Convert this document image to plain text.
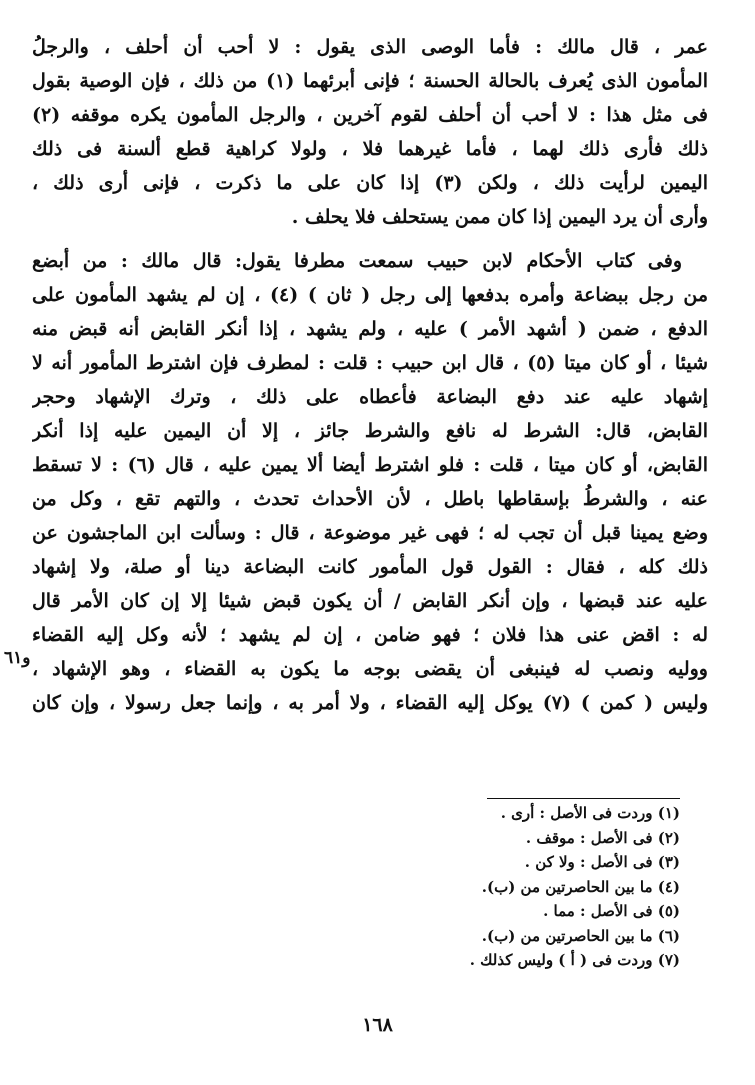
عمر ، قال مالك : فأما الوصى الذى يقول : لا أحب أن أحلف ، والرجلُ
المأمون الذى يُعرف بالحالة الحسنة ؛ فإنى أبرئهما (١) من ذلك ، فإن الوصية بقول
فى مثل هذا : لا أحب أن أحلف لقوم آخرين ، والرجل المأمون يكره موقفه (٢)
ذلك فأرى ذلك لهما ، فأما غيرهما فلا ، ولولا كراهية قطع ألسنة فى ذلك
اليمين لرأيت ذلك ، ولكن (٣) إذا كان على ما ذكرت ، فإنى أرى ذلك ،
وأرى أن يرد اليمين إذا كان ممن يستحلف فلا يحلف .
وفى كتاب الأحكام لابن حبيب سمعت مطرفا يقول: قال مالك : من أبضع
من رجل ببضاعة وأمره بدفعها إلى رجل ( ثان ) (٤) ، إن لم يشهد المأمون على
الدفع ، ضمن ( أشهد الأمر ) عليه ، ولم يشهد ، إذا أنكر القابض أنه قبض منه
شيئا ، أو كان ميتا (٥) ، قال ابن حبيب : قلت : لمطرف فإن اشترط المأمور أنه لا
إشهاد عليه عند دفع البضاعة فأعطاه على ذلك ، وترك الإشهاد وحجر
القابض، قال: الشرط له نافع والشرط جائز ، إلا أن اليمين عليه إذا أنكر
القابض، أو كان ميتا ، قلت : فلو اشترط أيضا ألا يمين عليه ، قال (٦) : لا تسقط
عنه ، والشرطُ بإسقاطها باطل ، لأن الأحداث تحدث ، والتهم تقع ، وكل من
وضع يمينا قبل أن تجب له ؛ فهى غير موضوعة ، قال : وسألت ابن الماجشون عن
ذلك كله ، فقال : القول قول المأمور كانت البضاعة دينا أو صلة، ولا إشهاد
عليه عند قبضها ، وإن أنكر القابض / أن يكون قبض شيئا إلا إن كان الأمر قال
له : اقض عنى هذا فلان ؛ فهو ضامن ، إن لم يشهد ؛ لأنه وكل إليه القضاء
ووليه ونصب له فينبغى أن يقضى بوجه ما يكون به القضاء ، وهو الإشهاد ،
وليس ( كمن ) (٧) يوكل إليه القضاء ، ولا أمر به ، وإنما جعل رسولا ، وإن كان
و٦١
(١) وردت فى الأصل : أرى .
(٢) فى الأصل : موقف .
(٣) فى الأصل : ولا كن .
(٤) ما بين الحاصرتين من (ب).
(٥) فى الأصل : مما .
(٦) ما بين الحاصرتين من (ب).
(٧) وردت فى ( أ ) وليس كذلك .
١٦٨
